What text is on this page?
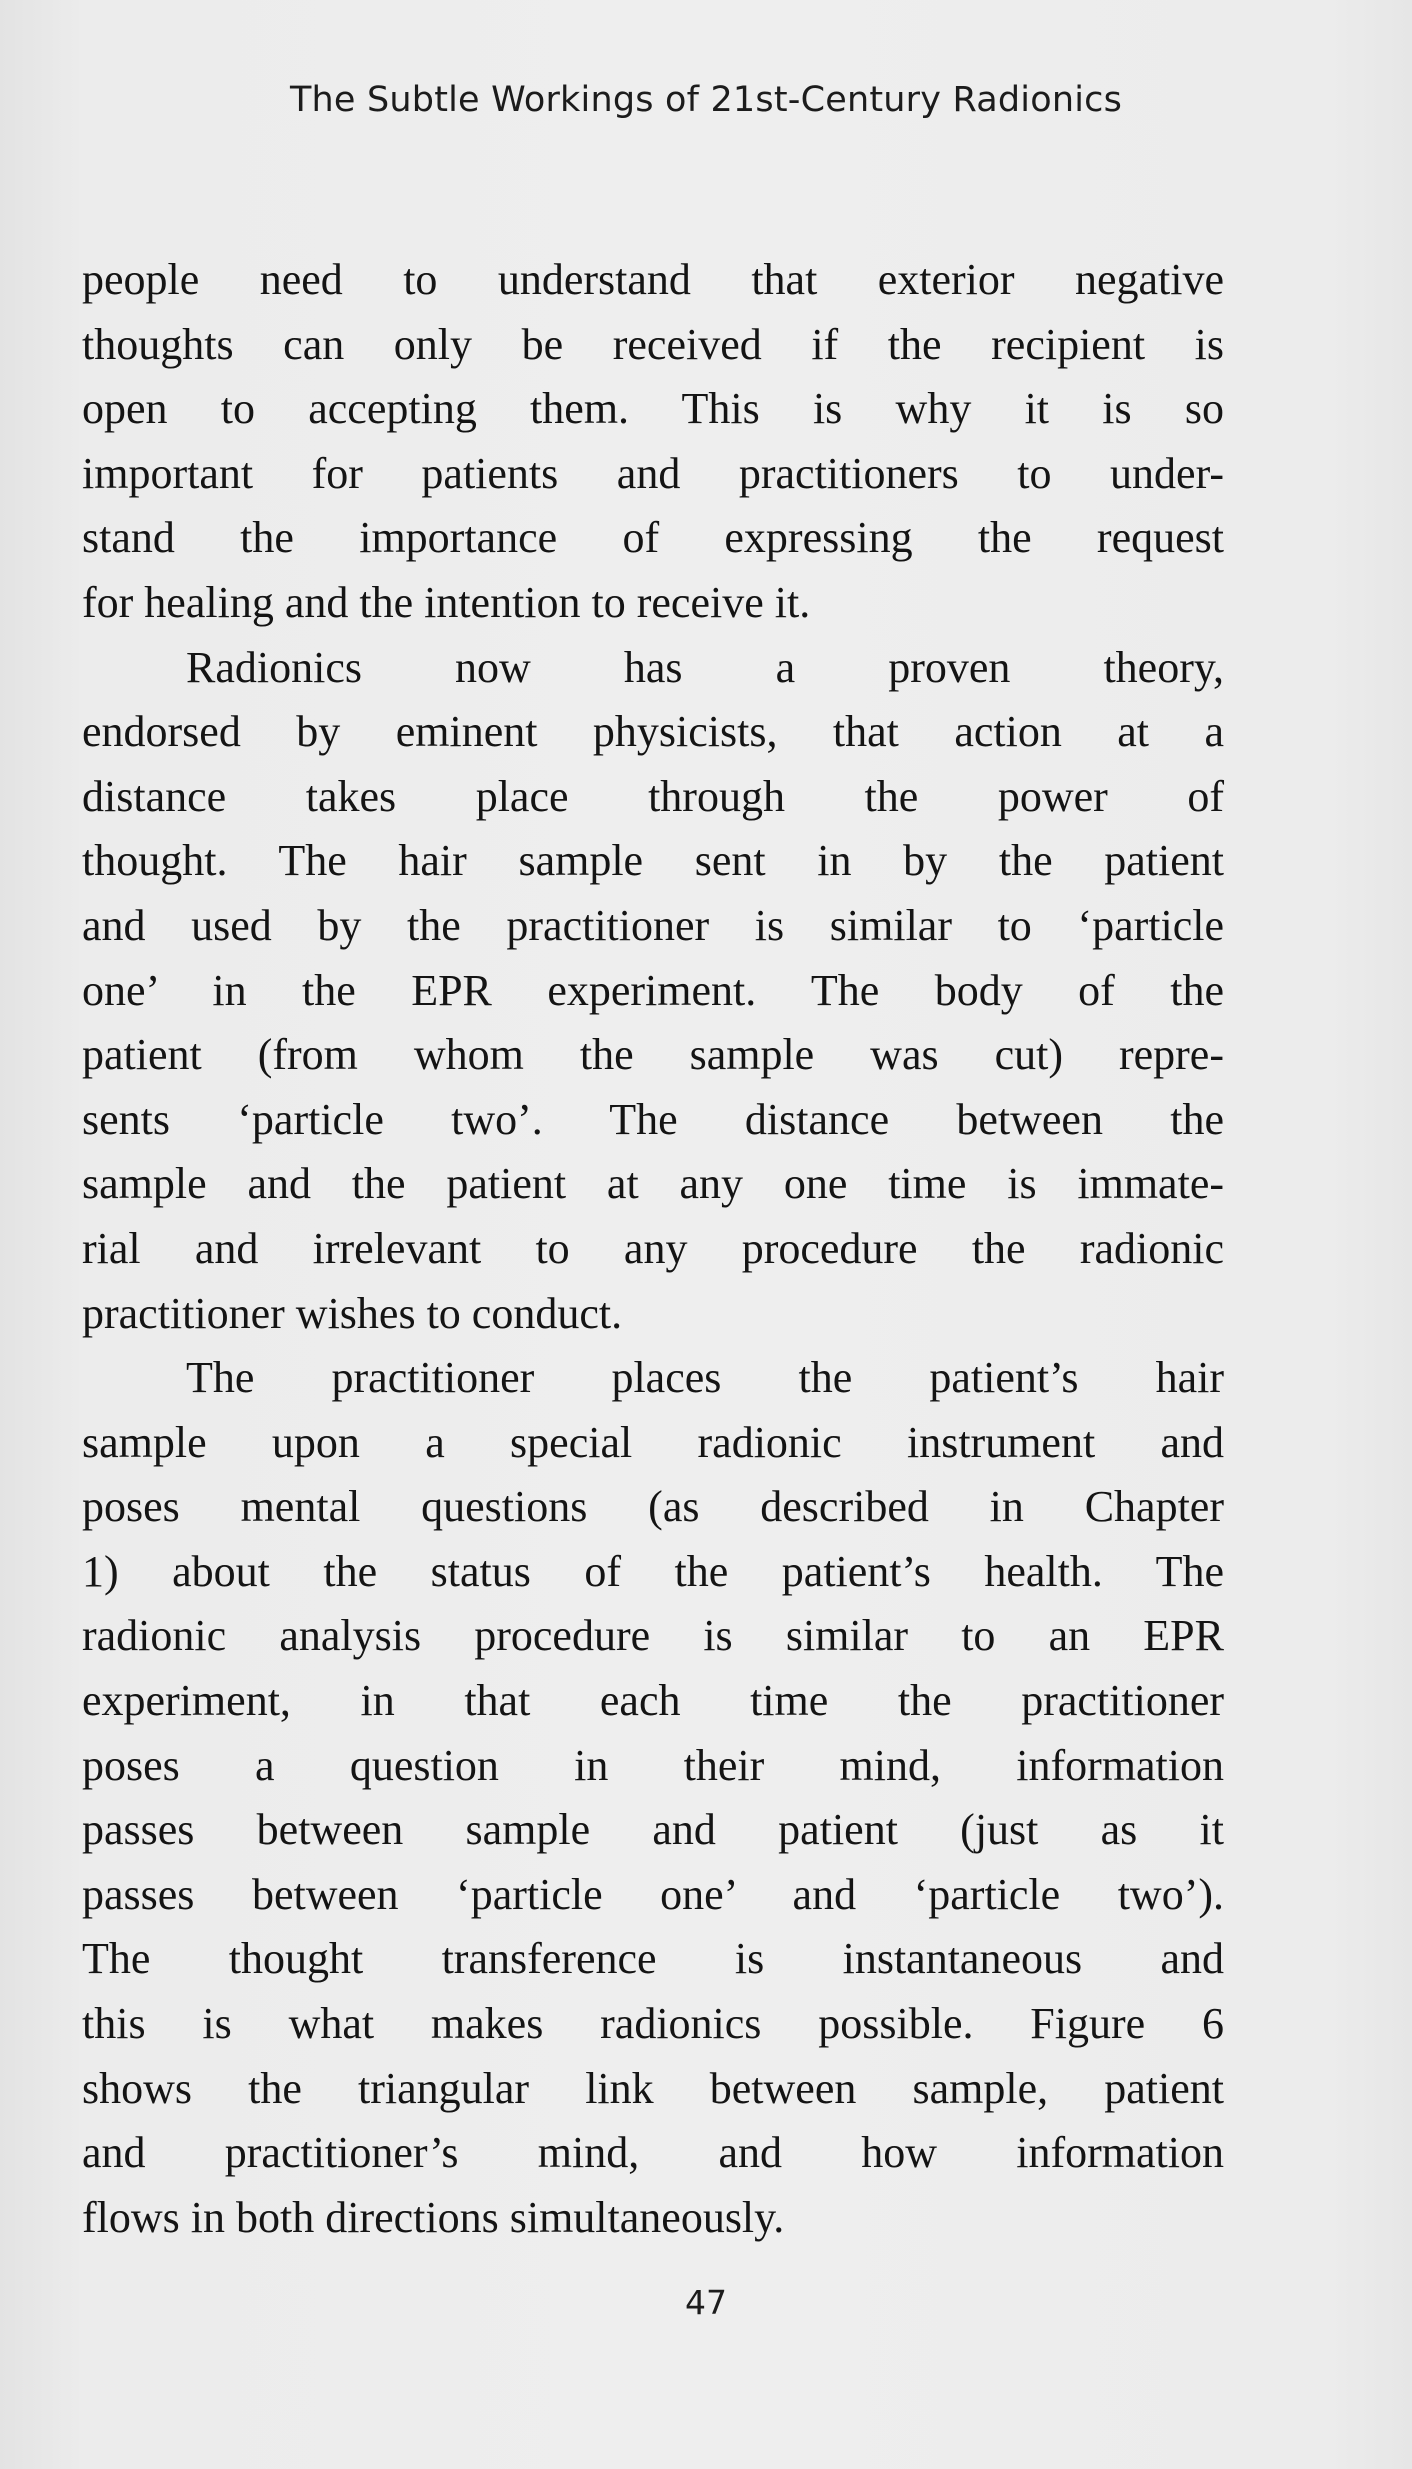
The Subtle Workings of 21st-Century Radionics

people need to understand that exterior negative
thoughts can only be received if the recipient is
open to accepting them. This is why it is so
important for patients and practitioners to under-
stand the importance of expressing the request
for healing and the intention to receive it.

Radionics now has a proven theory,
endorsed by eminent physicists, that action at a
distance takes place through the power of
thought. The hair sample sent in by the patient
and used by the practitioner is similar to ‘particle
one’ in the EPR experiment. The body of the
patient (from whom the sample was cut) repre-
sents ‘particle two’. The distance between the
sample and the patient at any one time is immate-
rial and irrelevant to any procedure the radionic
practitioner wishes to conduct.

The practitioner places the patient’s hair
sample upon a special radionic instrument and
poses mental questions (as described in Chapter
1) about the status of the patient’s health. The
radionic analysis procedure is similar to an EPR
experiment, in that each time the practitioner
poses a question in their mind, information
passes between sample and patient (just as it
passes between ‘particle one’ and ‘particle two’).
The thought transference is instantaneous and
this is what makes radionics possible. Figure 6
shows the triangular link between sample, patient
and practitioner’s mind, and how information
flows in both directions simultaneously.

47
